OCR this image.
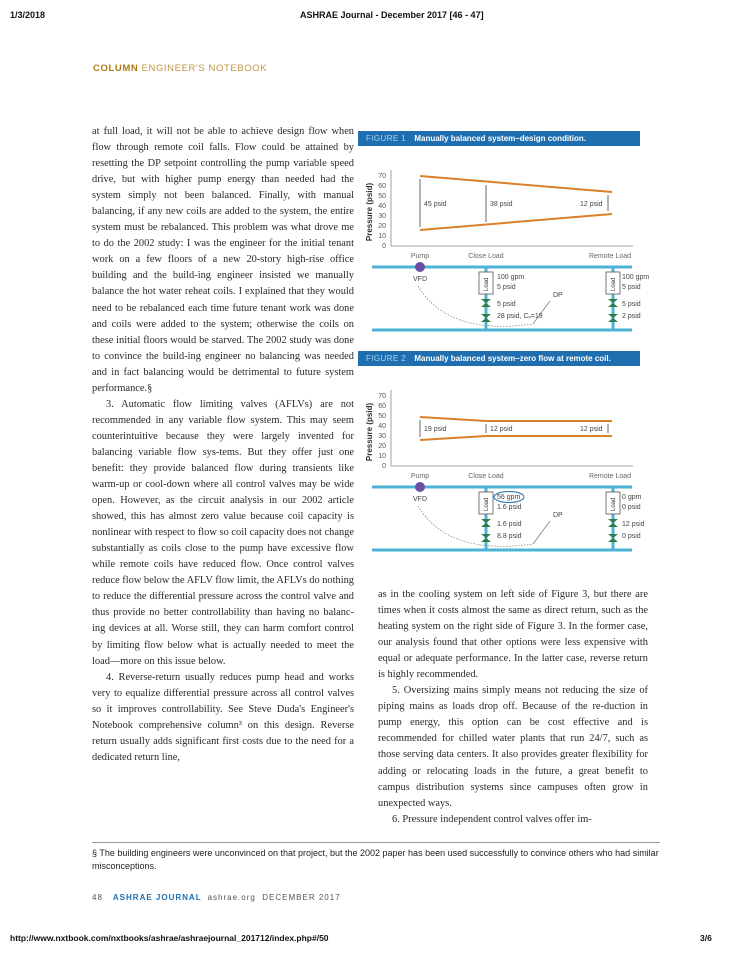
1/3/2018	ASHRAE Journal - December 2017 [46 - 47]
COLUMN ENGINEER'S NOTEBOOK

at full load, it will not be able to achieve design flow when flow through remote coil falls. Flow could be attained by resetting the DP setpoint controlling the pump variable speed drive, but with higher pump energy than needed had the system simply not been balanced. Finally, with manual balancing, if any new coils are added to the system, the entire system must be rebalanced. This problem was what drove me to do the 2002 study: I was the engineer for the initial tenant work on a few floors of a new 20-story high-rise office building and the build-ing engineer insisted we manually balance the hot water reheat coils. I explained that they would need to be rebalanced each time future tenant work was done and coils were added to the system; otherwise the coils on these initial floors would be starved. The 2002 study was done to convince the build-ing engineer no balancing was needed and in fact balancing would be detrimental to future system performance.§

3. Automatic flow limiting valves (AFLVs) are not recommended in any variable flow system. This may seem counterintuitive because they were largely invented for balancing variable flow sys-tems. But they offer just one benefit: they provide balanced flow during transients like warm-up or cool-down where all control valves may be wide open. However, as the circuit analysis in our 2002 article showed, this has almost zero value because coil capacity is nonlinear with respect to flow so coil capacity does not change substantially as coils close to the pump have excessive flow while remote coils have reduced flow. Once control valves reduce flow below the AFLV flow limit, the AFLVs do nothing to reduce the differential pressure across the control valve and thus provide no better controllability than having no balanc-ing devices at all. Worse still, they can harm comfort control by limiting flow below what is actually needed to meet the load—more on this issue below.

4. Reverse-return usually reduces pump head and works very to equalize differential pressure across all control valves so it improves controllability. See Steve Duda's Engineer's Notebook comprehensive column³ on this design. Reverse return usually adds significant first costs due to the need for a dedicated return line,

as in the cooling system on left side of Figure 3, but there are times when it costs almost the same as direct return, such as the heating system on the right side of Figure 3. In the former case, our analysis found that other options were less expensive with equal or adequate performance. In the latter case, reverse return is highly recommended.

5. Oversizing mains simply means not reducing the size of piping mains as loads drop off. Because of the re-duction in pump energy, this option can be cost effective and is recommended for chilled water plants that run 24/7, such as those serving data centers. It also provides greater flexibility for adding or relocating loads in the future, a great benefit to campus distribution systems since campuses often grow in unexpected ways.

6. Pressure independent control valves offer im-

FIGURE 1 Manually balanced system–design condition.
Pressure (psid)
70
60
50
40
30
20
10
0
45 psid	38 psid	12 psid
Pump	Close Load	Remote Load
VFD
DP
Load
100 gpm
5 psid
5 psid
28 psid, Cᵥ=19
Load
100 gpm
5 psid
5 psid
2 psid
FIGURE 2 Manually balanced system–zero flow at remote coil.
Pressure (psid)
70
60
50
40
30
20
10
0
19 psid	12 psid	12 psid
Pump	Close Load	Remote Load
VFD
DP
Load
56 gpm
1.6 psid
1.6 psid
8.8 psid
Load
0 gpm
0 psid
12 psid
0 psid
§ The building engineers were unconvinced on that project, but the 2002 paper has been used successfully to convince others who had similar misconceptions.
48 ASHRAE JOURNAL ashrae.org DECEMBER 2017
http://www.nxtbook.com/nxtbooks/ashrae/ashraejournal_201712/index.php#/50	3/6
